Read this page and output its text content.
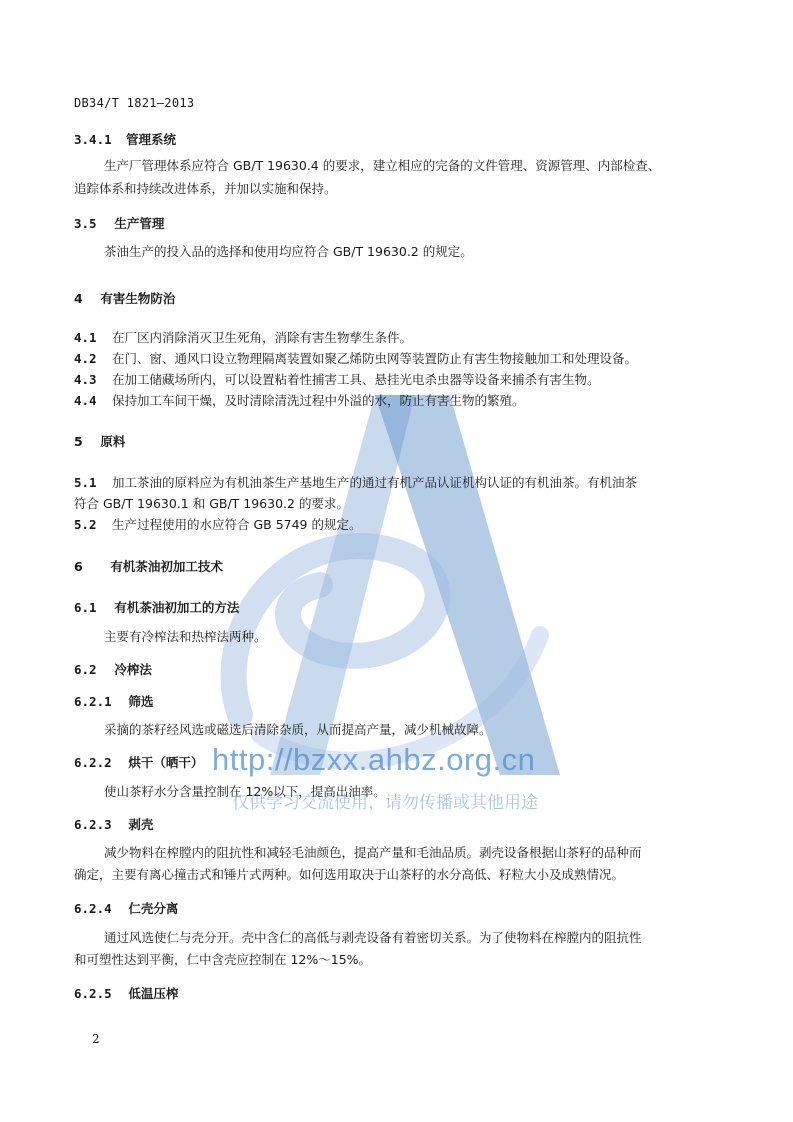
DB34/T 1821—2013
3.4.1 管理系统
生产厂管理体系应符合 GB/T 19630.4 的要求，建立相应的完备的文件管理、资源管理、内部检查、
追踪体系和持续改进体系，并加以实施和保持。
3.5 生产管理
茶油生产的投入品的选择和使用均应符合 GB/T 19630.2 的规定。
4 有害生物防治
4.1 在厂区内消除消灭卫生死角，消除有害生物孳生条件。
4.2 在门、窗、通风口设立物理隔离装置如聚乙烯防虫网等装置防止有害生物接触加工和处理设备。
4.3 在加工储藏场所内，可以设置粘着性捕害工具、悬挂光电杀虫器等设备来捕杀有害生物。
4.4 保持加工车间干燥，及时清除清洗过程中外溢的水，防止有害生物的繁殖。
5 原料
5.1 加工茶油的原料应为有机油茶生产基地生产的通过有机产品认证机构认证的有机油茶。有机油茶
符合 GB/T 19630.1 和 GB/T 19630.2 的要求。
5.2 生产过程使用的水应符合 GB 5749 的规定。
6 有机茶油初加工技术
6.1 有机茶油初加工的方法
主要有冷榨法和热榨法两种。
6.2 冷榨法
6.2.1 筛选
采摘的茶籽经风选或磁选后清除杂质，从而提高产量，减少机械故障。
6.2.2 烘干（晒干）
使山茶籽水分含量控制在 12%以下，提高出油率。
6.2.3 剥壳
减少物料在榨膛内的阻抗性和减轻毛油颜色，提高产量和毛油品质。剥壳设备根据山茶籽的品种而
确定，主要有离心撞击式和锤片式两种。如何选用取决于山茶籽的水分高低、籽粒大小及成熟情况。
6.2.4 仁壳分离
通过风选使仁与壳分开。壳中含仁的高低与剥壳设备有着密切关系。为了使物料在榨膛内的阻抗性
和可塑性达到平衡，仁中含壳应控制在 12%～15%。
6.2.5 低温压榨
http://bzxx.ahbz.org.cn
仅供学习交流使用，请勿传播或其他用途
2
